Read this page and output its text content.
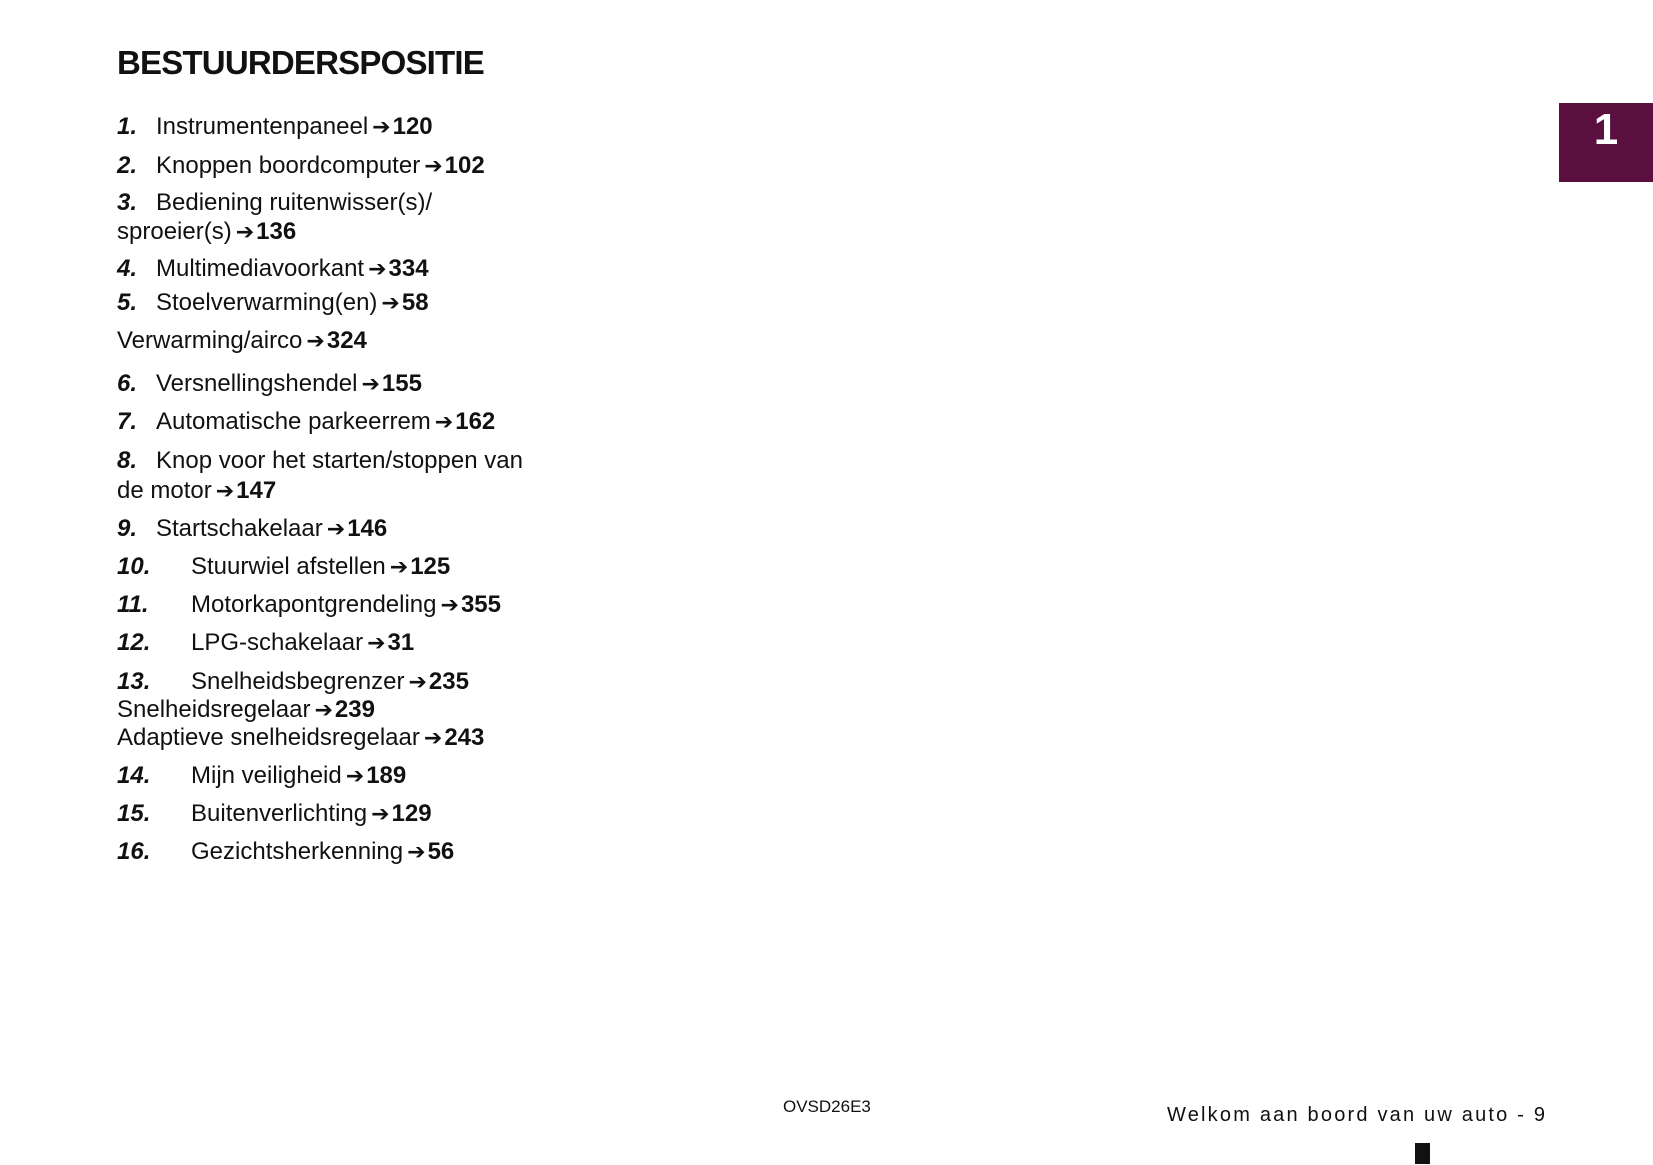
BESTUURDERSPOSITIE
1. Instrumentenpaneel ➔120
2. Knoppen boordcomputer ➔102
3. Bediening ruitenwisser(s)/
sproeier(s) ➔136
4. Multimediavoorkant ➔334
5. Stoelverwarming(en) ➔58
Verwarming/airco ➔324
6. Versnellingshendel ➔155
7. Automatische parkeerrem ➔162
8. Knop voor het starten/stoppen van
de motor ➔147
9. Startschakelaar ➔146
10. Stuurwiel afstellen ➔125
11. Motorkapontgrendeling ➔355
12. LPG-schakelaar ➔31
13. Snelheidsbegrenzer ➔235
Snelheidsregelaar ➔239
Adaptieve snelheidsregelaar ➔243
14. Mijn veiligheid ➔189
15. Buitenverlichting ➔129
16. Gezichtsherkenning ➔56
1
OVSD26E3	Welkom aan boord van uw auto - 9
